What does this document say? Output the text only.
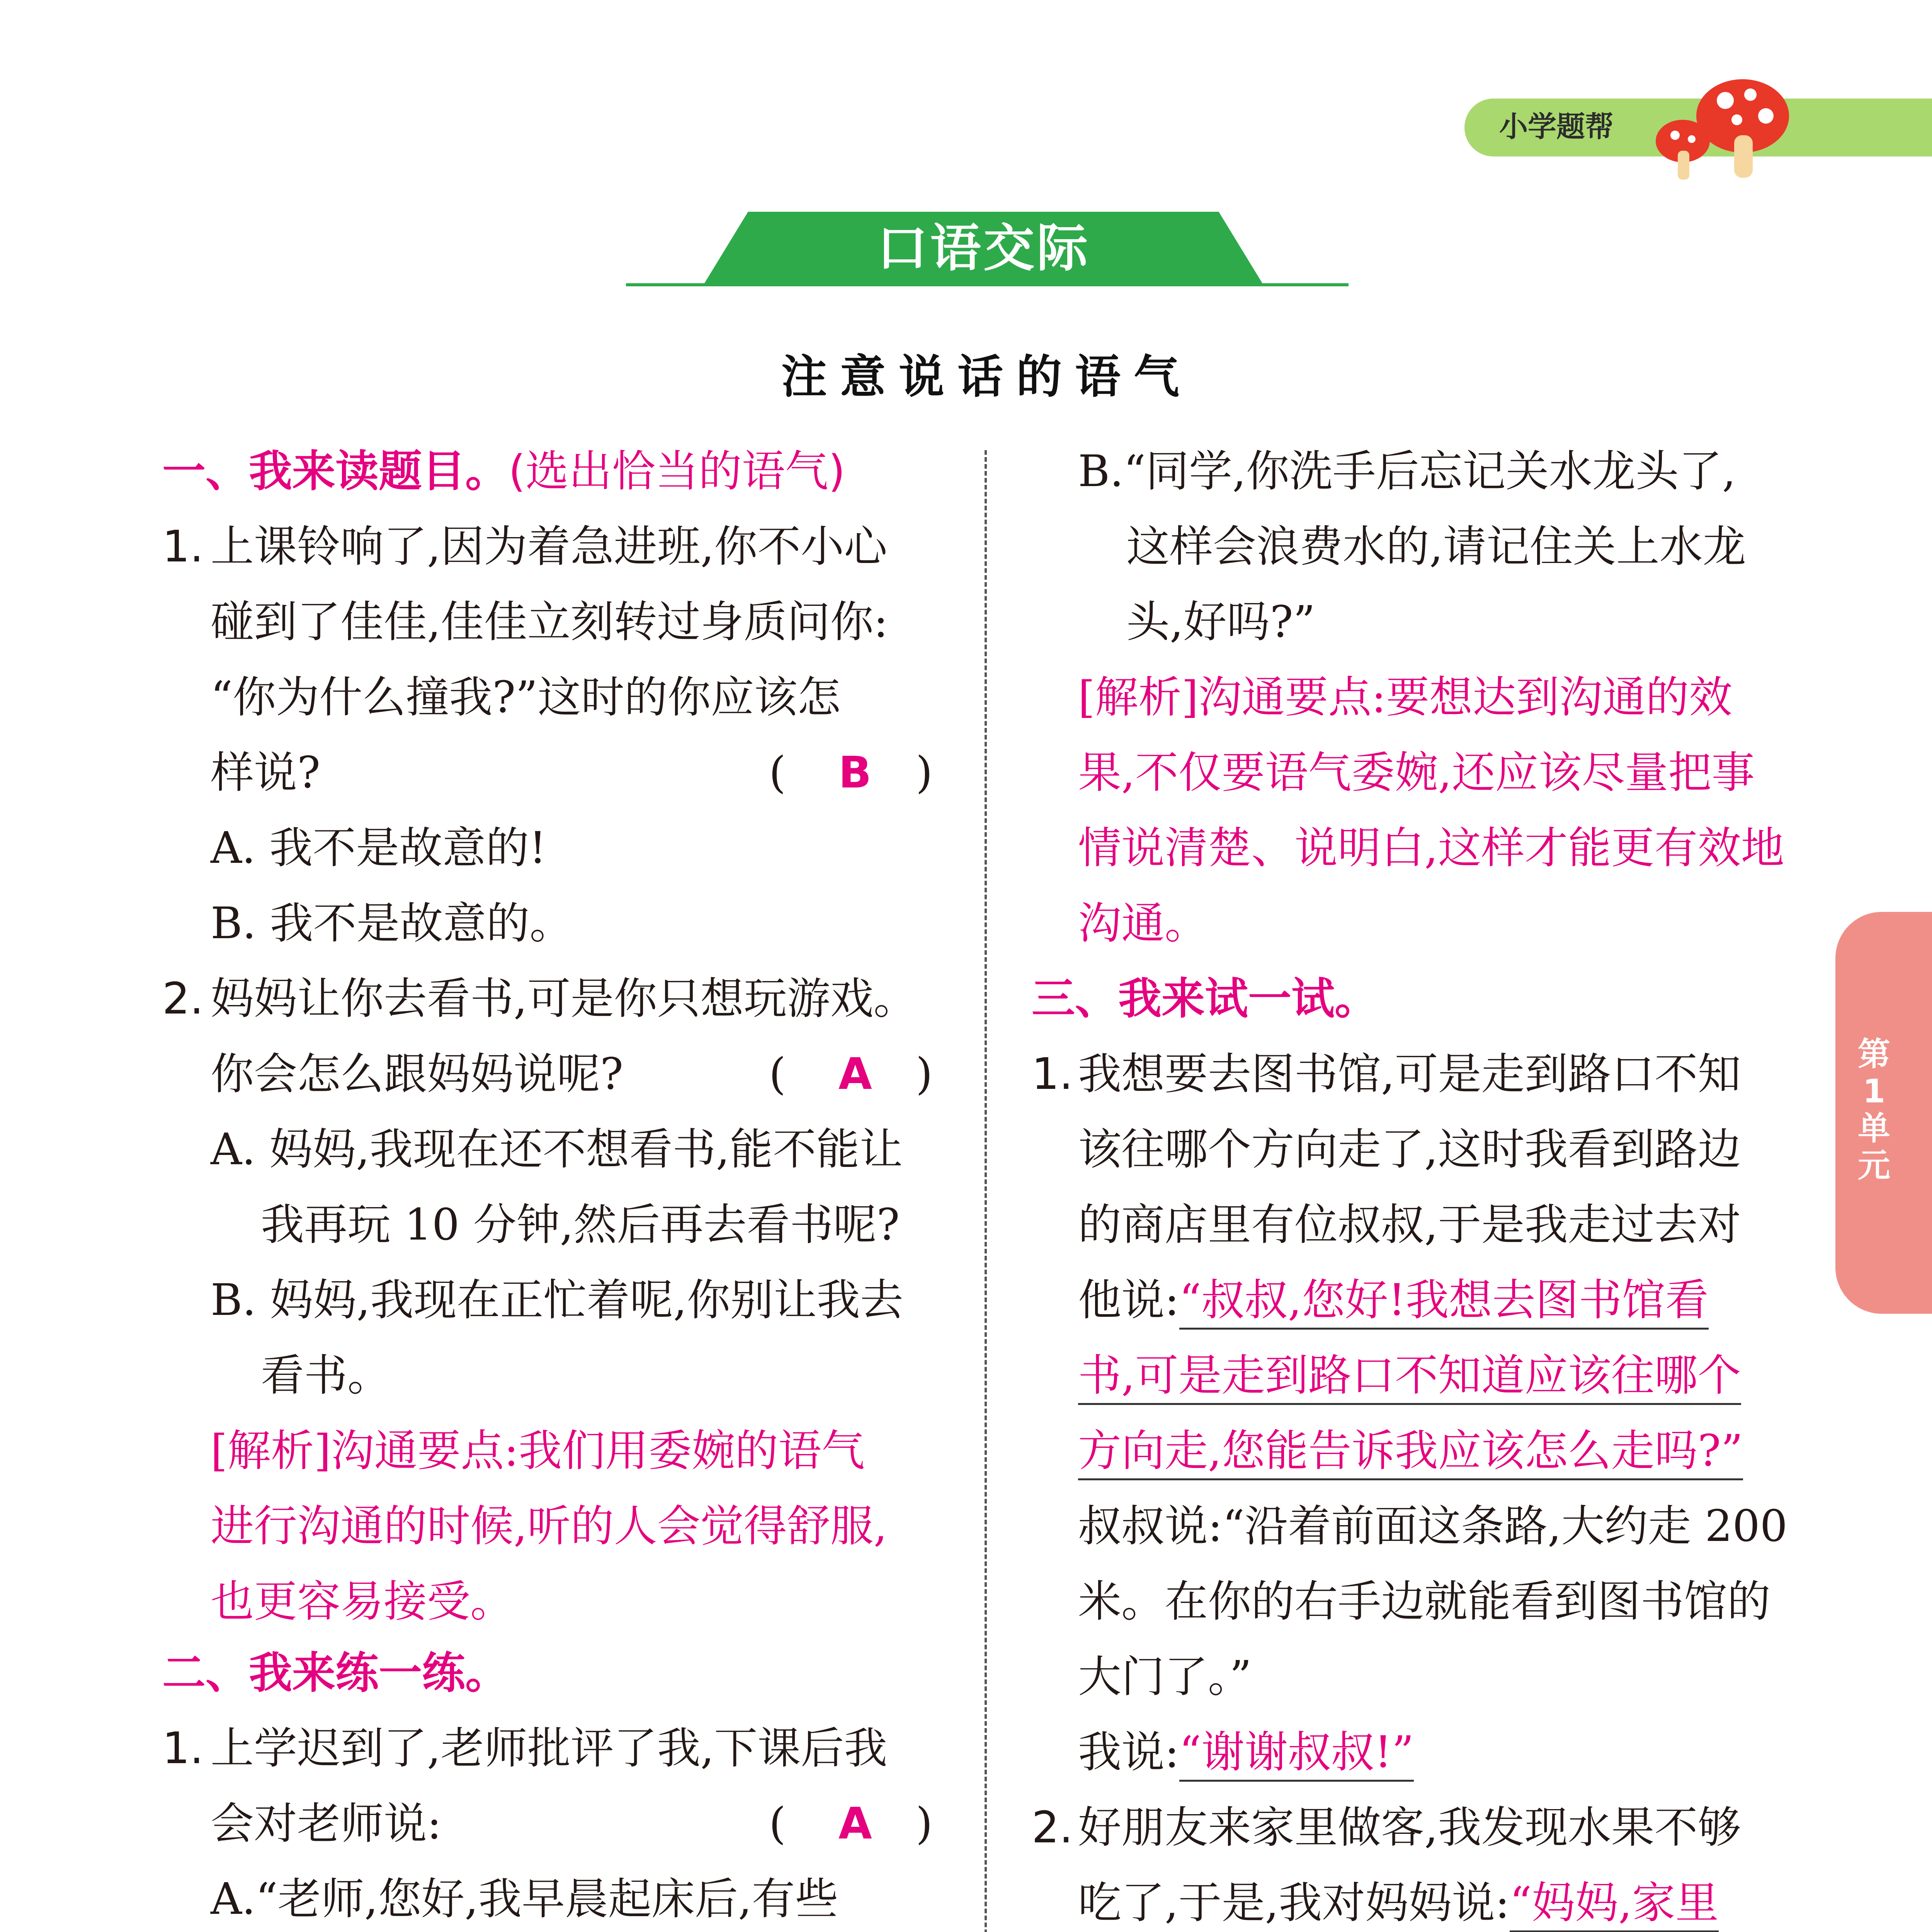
小学题帮
口语交际
注意说话的语气
一、我来读题目。(选出恰当的语气)
1. 上课铃响了,因为着急进班,你不小心
碰到了佳佳,佳佳立刻转过身质问你:
“你为什么撞我?”这时的你应该怎
样说?	( B )
A. 我不是故意的!
B. 我不是故意的。
2. 妈妈让你去看书,可是你只想玩游戏。
你会怎么跟妈妈说呢?	( A )
A. 妈妈,我现在还不想看书,能不能让
我再玩 10 分钟,然后再去看书呢?
B. 妈妈,我现在正忙着呢,你别让我去
看书。
[解析]沟通要点:我们用委婉的语气
进行沟通的时候,听的人会觉得舒服,
也更容易接受。
二、我来练一练。
1. 上学迟到了,老师批评了我,下课后我
会对老师说:	( A )
A.“老师,您好,我早晨起床后,有些
B.“同学,你洗手后忘记关水龙头了,
这样会浪费水的,请记住关上水龙
头,好吗?”
[解析]沟通要点:要想达到沟通的效
果,不仅要语气委婉,还应该尽量把事
情说清楚、说明白,这样才能更有效地
沟通。
三、我来试一试。
1. 我想要去图书馆,可是走到路口不知
该往哪个方向走了,这时我看到路边
的商店里有位叔叔,于是我走过去对
他说:“叔叔,您好!我想去图书馆看
书,可是走到路口不知道应该往哪个
方向走,您能告诉我应该怎么走吗?”
叔叔说:“沿着前面这条路,大约走 200
米。在你的右手边就能看到图书馆的
大门了。”
我说:“谢谢叔叔!”
2. 好朋友来家里做客,我发现水果不够
吃了,于是,我对妈妈说:“妈妈,家里
第
1
单
元
